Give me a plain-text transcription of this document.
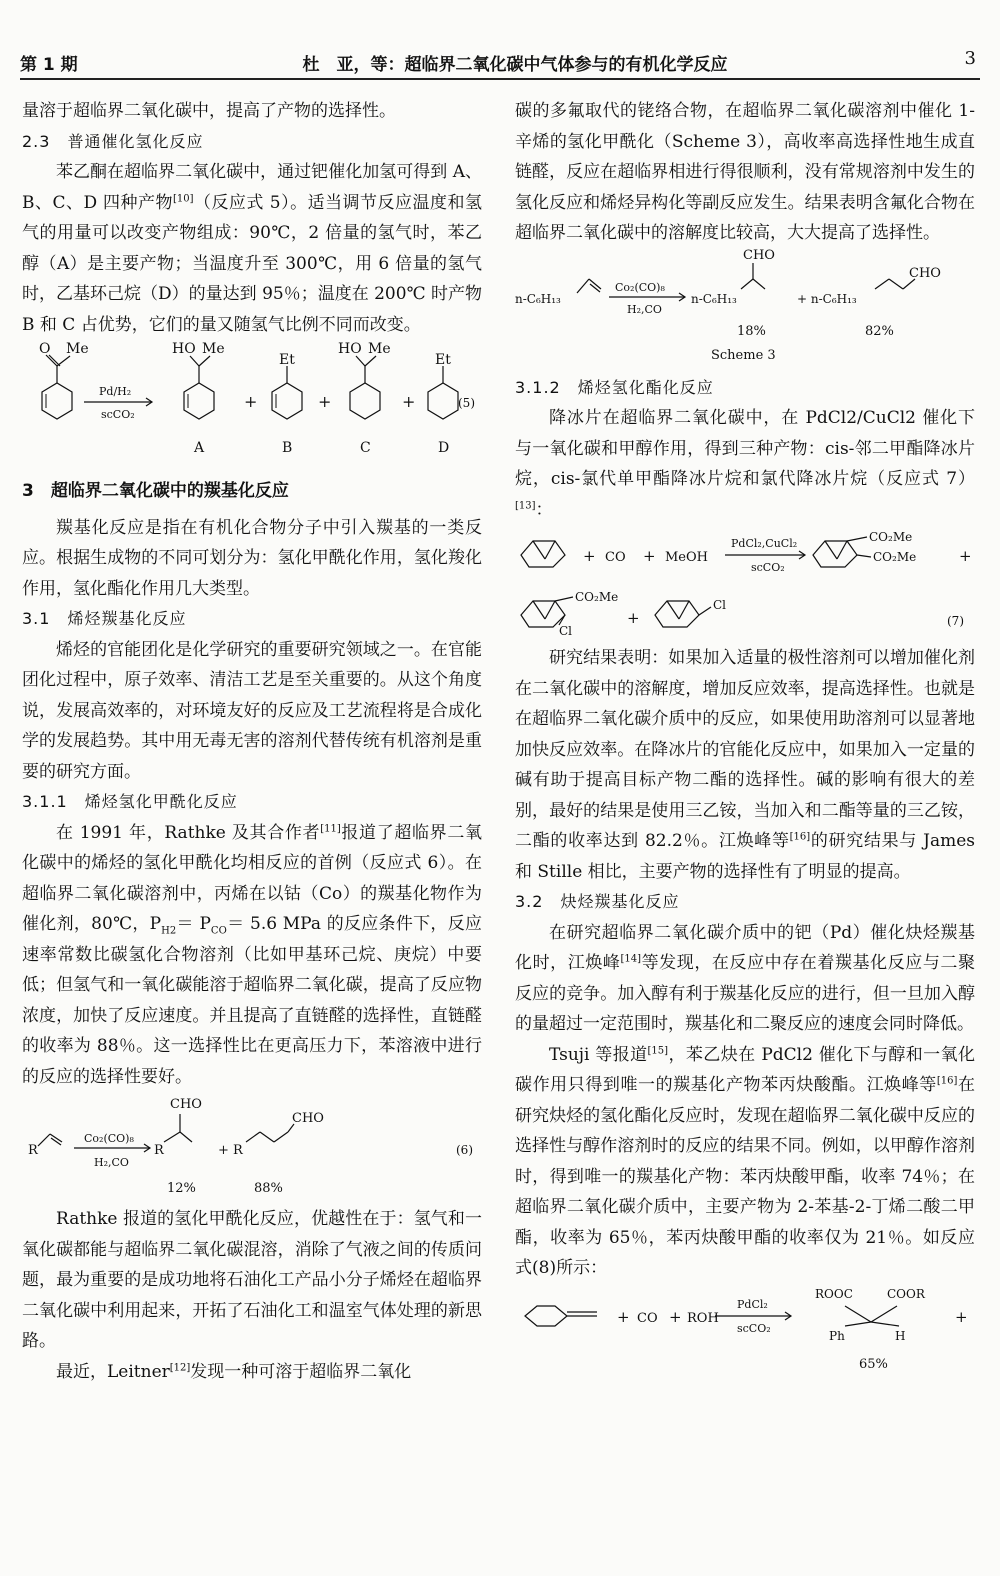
第 1 期	杜　亚，等：超临界二氧化碳中气体参与的有机化学反应	3

量溶于超临界二氧化碳中，提高了产物的选择性。

2.3　普通催化氢化反应

苯乙酮在超临界二氧化碳中，通过钯催化加氢可得到 A、B、C、D 四种产物[10]（反应式 5）。适当调节反应温度和氢气的用量可以改变产物组成：90℃，2 倍量的氢气时，苯乙醇（A）是主要产物；当温度升至 300℃，用 6 倍量的氢气时，乙基环己烷（D）的量达到 95％；温度在 200℃ 时产物 B 和 C 占优势，它们的量又随氢气比例不同而改变。

O Me
Pd/H₂
scCO₂
HO Me
+
Et
+
HO Me
+
Et
(5)
A	B	C	D
3　超临界二氧化碳中的羰基化反应

羰基化反应是指在有机化合物分子中引入羰基的一类反应。根据生成物的不同可划分为：氢化甲酰化作用，氢化羧化作用，氢化酯化作用几大类型。

3.1　烯烃羰基化反应

烯烃的官能团化是化学研究的重要研究领域之一。在官能团化过程中，原子效率、清洁工艺是至关重要的。从这个角度说，发展高效率的，对环境友好的反应及工艺流程将是合成化学的发展趋势。其中用无毒无害的溶剂代替传统有机溶剂是重要的研究方面。

3.1.1　烯烃氢化甲酰化反应

在 1991 年，Rathke 及其合作者[11]报道了超临界二氧化碳中的烯烃的氢化甲酰化均相反应的首例（反应式 6）。在超临界二氧化碳溶剂中，丙烯在以钴（Co）的羰基化物作为催化剂，80℃，$P_{H2}= P_{CO}= 5.6$ MPa 的反应条件下，反应速率常数比碳氢化合物溶剂（比如甲基环己烷、庚烷）中要低；但氢气和一氧化碳能溶于超临界二氧化碳，提高了反应物浓度，加快了反应速度。并且提高了直链醛的选择性，直链醛的收率为 88％。这一选择性比在更高压力下，苯溶液中进行的反应的选择性要好。

R
Co₂(CO)₈
H₂,CO
R
CHO
+ R
CHO
(6)
12%	88%

Rathke 报道的氢化甲酰化反应，优越性在于：氢气和一氧化碳都能与超临界二氧化碳混溶，消除了气液之间的传质问题，最为重要的是成功地将石油化工产品小分子烯烃在超临界二氧化碳中利用起来，开拓了石油化工和温室气体处理的新思路。

最近，Leitner[12]发现一种可溶于超临界二氧化

碳的多氟取代的铑络合物，在超临界二氧化碳溶剂中催化 1-辛烯的氢化甲酰化（Scheme 3），高收率高选择性地生成直链醛，反应在超临界相进行得很顺利，没有常规溶剂中发生的氢化反应和烯烃异构化等副反应发生。结果表明含氟化合物在超临界二氧化碳中的溶解度比较高，大大提高了选择性。

n-C₆H₁₃
Co₂(CO)₈
H₂,CO
n-C₆H₁₃
CHO
+ n-C₆H₁₃
CHO
18%	82%
Scheme 3
3.1.2　烯烃氢化酯化反应

降冰片在超临界二氧化碳中，在 PdCl2/CuCl2 催化下与一氧化碳和甲醇作用，得到三种产物：cis-邻二甲酯降冰片烷，cis-氯代单甲酯降冰片烷和氯代降冰片烷（反应式 7）[13]：

+ CO + MeOH
PdCl₂,CuCl₂
scCO₂
CO₂Me
CO₂Me	+
CO₂Me
Cl
+
Cl
(7)

研究结果表明：如果加入适量的极性溶剂可以增加催化剂在二氧化碳中的溶解度，增加反应效率，提高选择性。也就是在超临界二氧化碳介质中的反应，如果使用助溶剂可以显著地加快反应效率。在降冰片的官能化反应中，如果加入一定量的碱有助于提高目标产物二酯的选择性。碱的影响有很大的差别，最好的结果是使用三乙铵，当加入和二酯等量的三乙铵，二酯的收率达到 82.2％。江焕峰等[16]的研究结果与 James 和 Stille 相比，主要产物的选择性有了明显的提高。

3.2　炔烃羰基化反应

在研究超临界二氧化碳介质中的钯（Pd）催化炔烃羰基化时，江焕峰[14]等发现，在反应中存在着羰基化反应与二聚反应的竞争。加入醇有利于羰基化反应的进行，但一旦加入醇的量超过一定范围时，羰基化和二聚反应的速度会同时降低。

Tsuji 等报道[15]，苯乙炔在 PdCl2 催化下与醇和一氧化碳作用只得到唯一的羰基化产物苯丙炔酸酯。江焕峰等[16]在研究炔烃的氢化酯化反应时，发现在超临界二氧化碳中反应的选择性与醇作溶剂时的反应的结果不同。例如，以甲醇作溶剂时，得到唯一的羰基化产物：苯丙炔酸甲酯，收率 74％；在超临界二氧化碳介质中，主要产物为 2-苯基-2-丁烯二酸二甲酯，收率为 65％，苯丙炔酸甲酯的收率仅为 21％。如反应式(8)所示：

+ CO + ROH
PdCl₂
scCO₂
ROOC	COOR
Ph	H
+
65%
